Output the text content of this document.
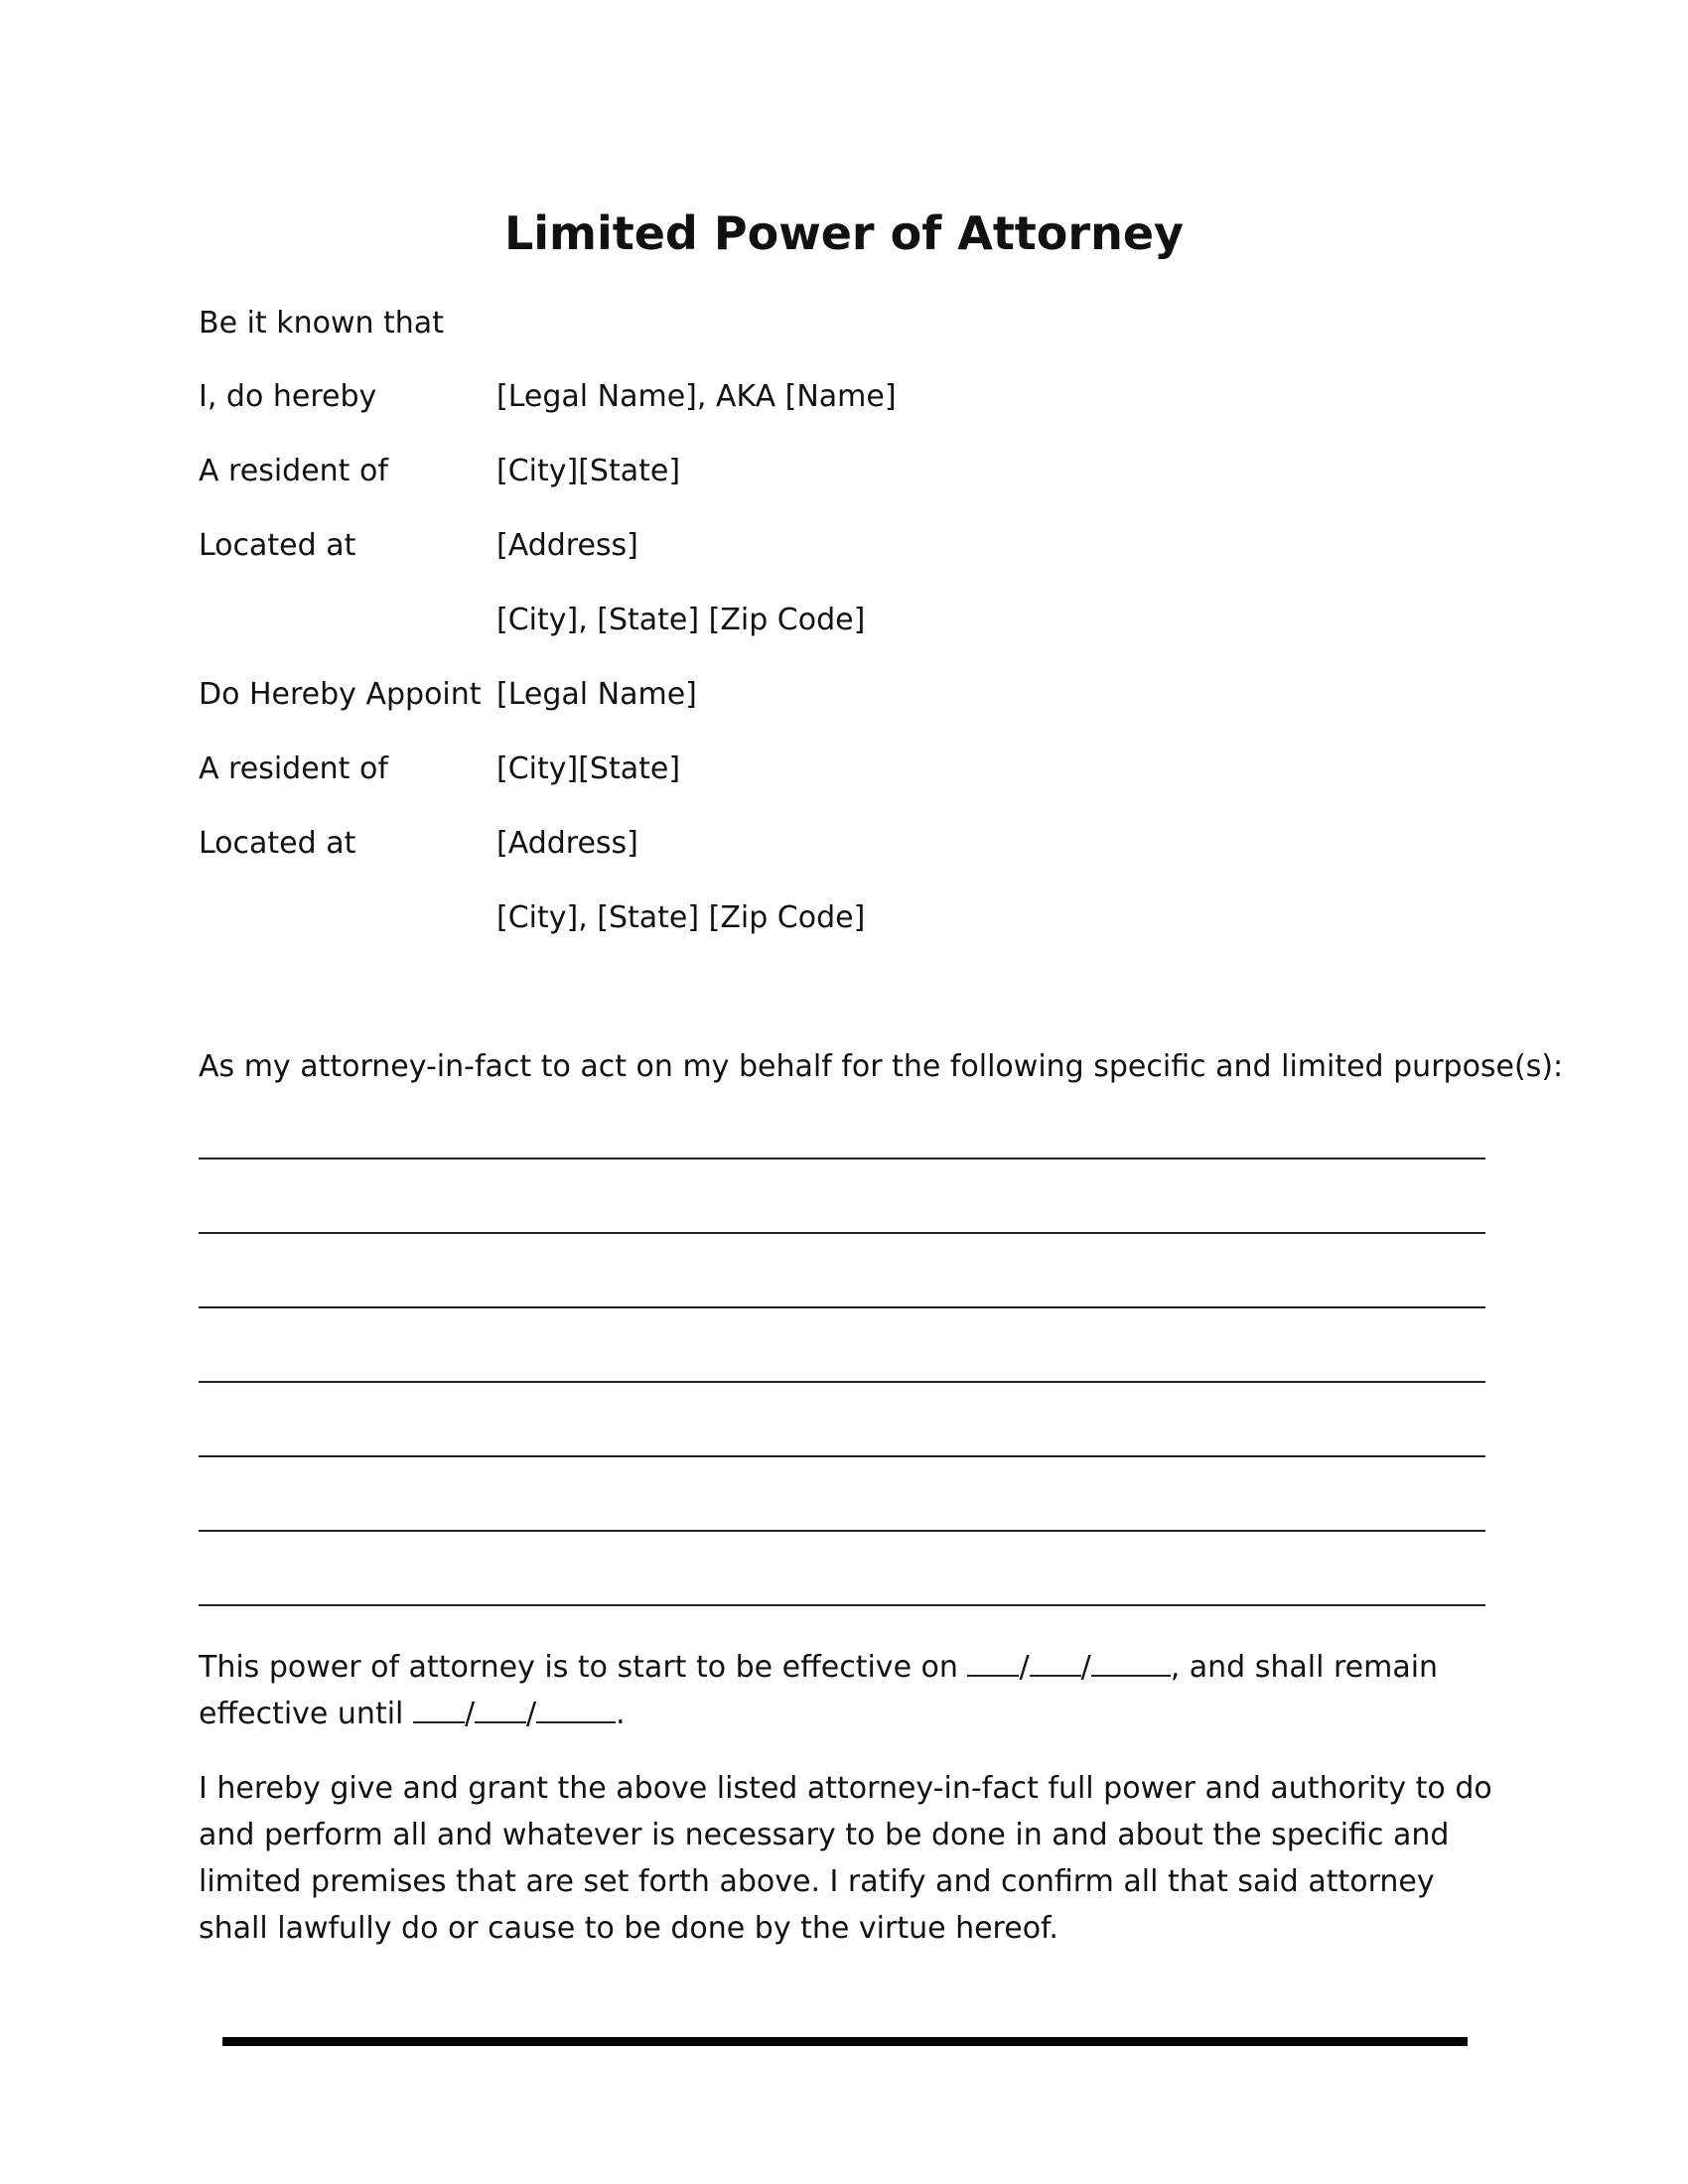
Limited Power of Attorney
Be it known that
I, do hereby	[Legal Name], AKA [Name]
A resident of	[City][State]
Located at	[Address]
[City], [State] [Zip Code]
Do Hereby Appoint [Legal Name]
A resident of	[City][State]
Located at	[Address]
[City], [State] [Zip Code]
As my attorney-in-fact to act on my behalf for the following specific and limited purpose(s):
This power of attorney is to start to be effective on / /	, and shall remain
effective until / /	.
I hereby give and grant the above listed attorney-in-fact full power and authority to do and perform all and whatever is necessary to be done in and about the specific and limited premises that are set forth above. I ratify and confirm all that said attorney shall lawfully do or cause to be done by the virtue hereof.
